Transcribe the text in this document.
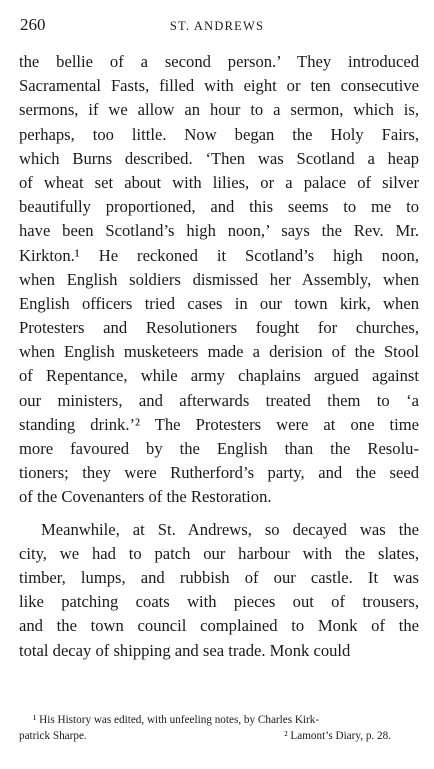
260	ST. ANDREWS
the bellie of a second person.’ They introduced
Sacramental Fasts, filled with eight or ten consecutive
sermons, if we allow an hour to a sermon, which is,
perhaps, too little. Now began the Holy Fairs,
which Burns described. ‘Then was Scotland a heap
of wheat set about with lilies, or a palace of silver
beautifully proportioned, and this seems to me to
have been Scotland’s high noon,’ says the Rev. Mr.
Kirkton.¹ He reckoned it Scotland’s high noon,
when English soldiers dismissed her Assembly, when
English officers tried cases in our town kirk, when
Protesters and Resolutioners fought for churches,
when English musketeers made a derision of the Stool
of Repentance, while army chaplains argued against
our ministers, and afterwards treated them to ‘a
standing drink.’² The Protesters were at one time
more favoured by the English than the Resolu-
tioners; they were Rutherford’s party, and the seed
of the Covenanters of the Restoration.
Meanwhile, at St. Andrews, so decayed was the
city, we had to patch our harbour with the slates,
timber, lumps, and rubbish of our castle. It was
like patching coats with pieces out of trousers,
and the town council complained to Monk of the
total decay of shipping and sea trade. Monk could
¹ His History was edited, with unfeeling notes, by Charles Kirk-
patrick Sharpe.	² Lamont’s Diary, p. 28.
